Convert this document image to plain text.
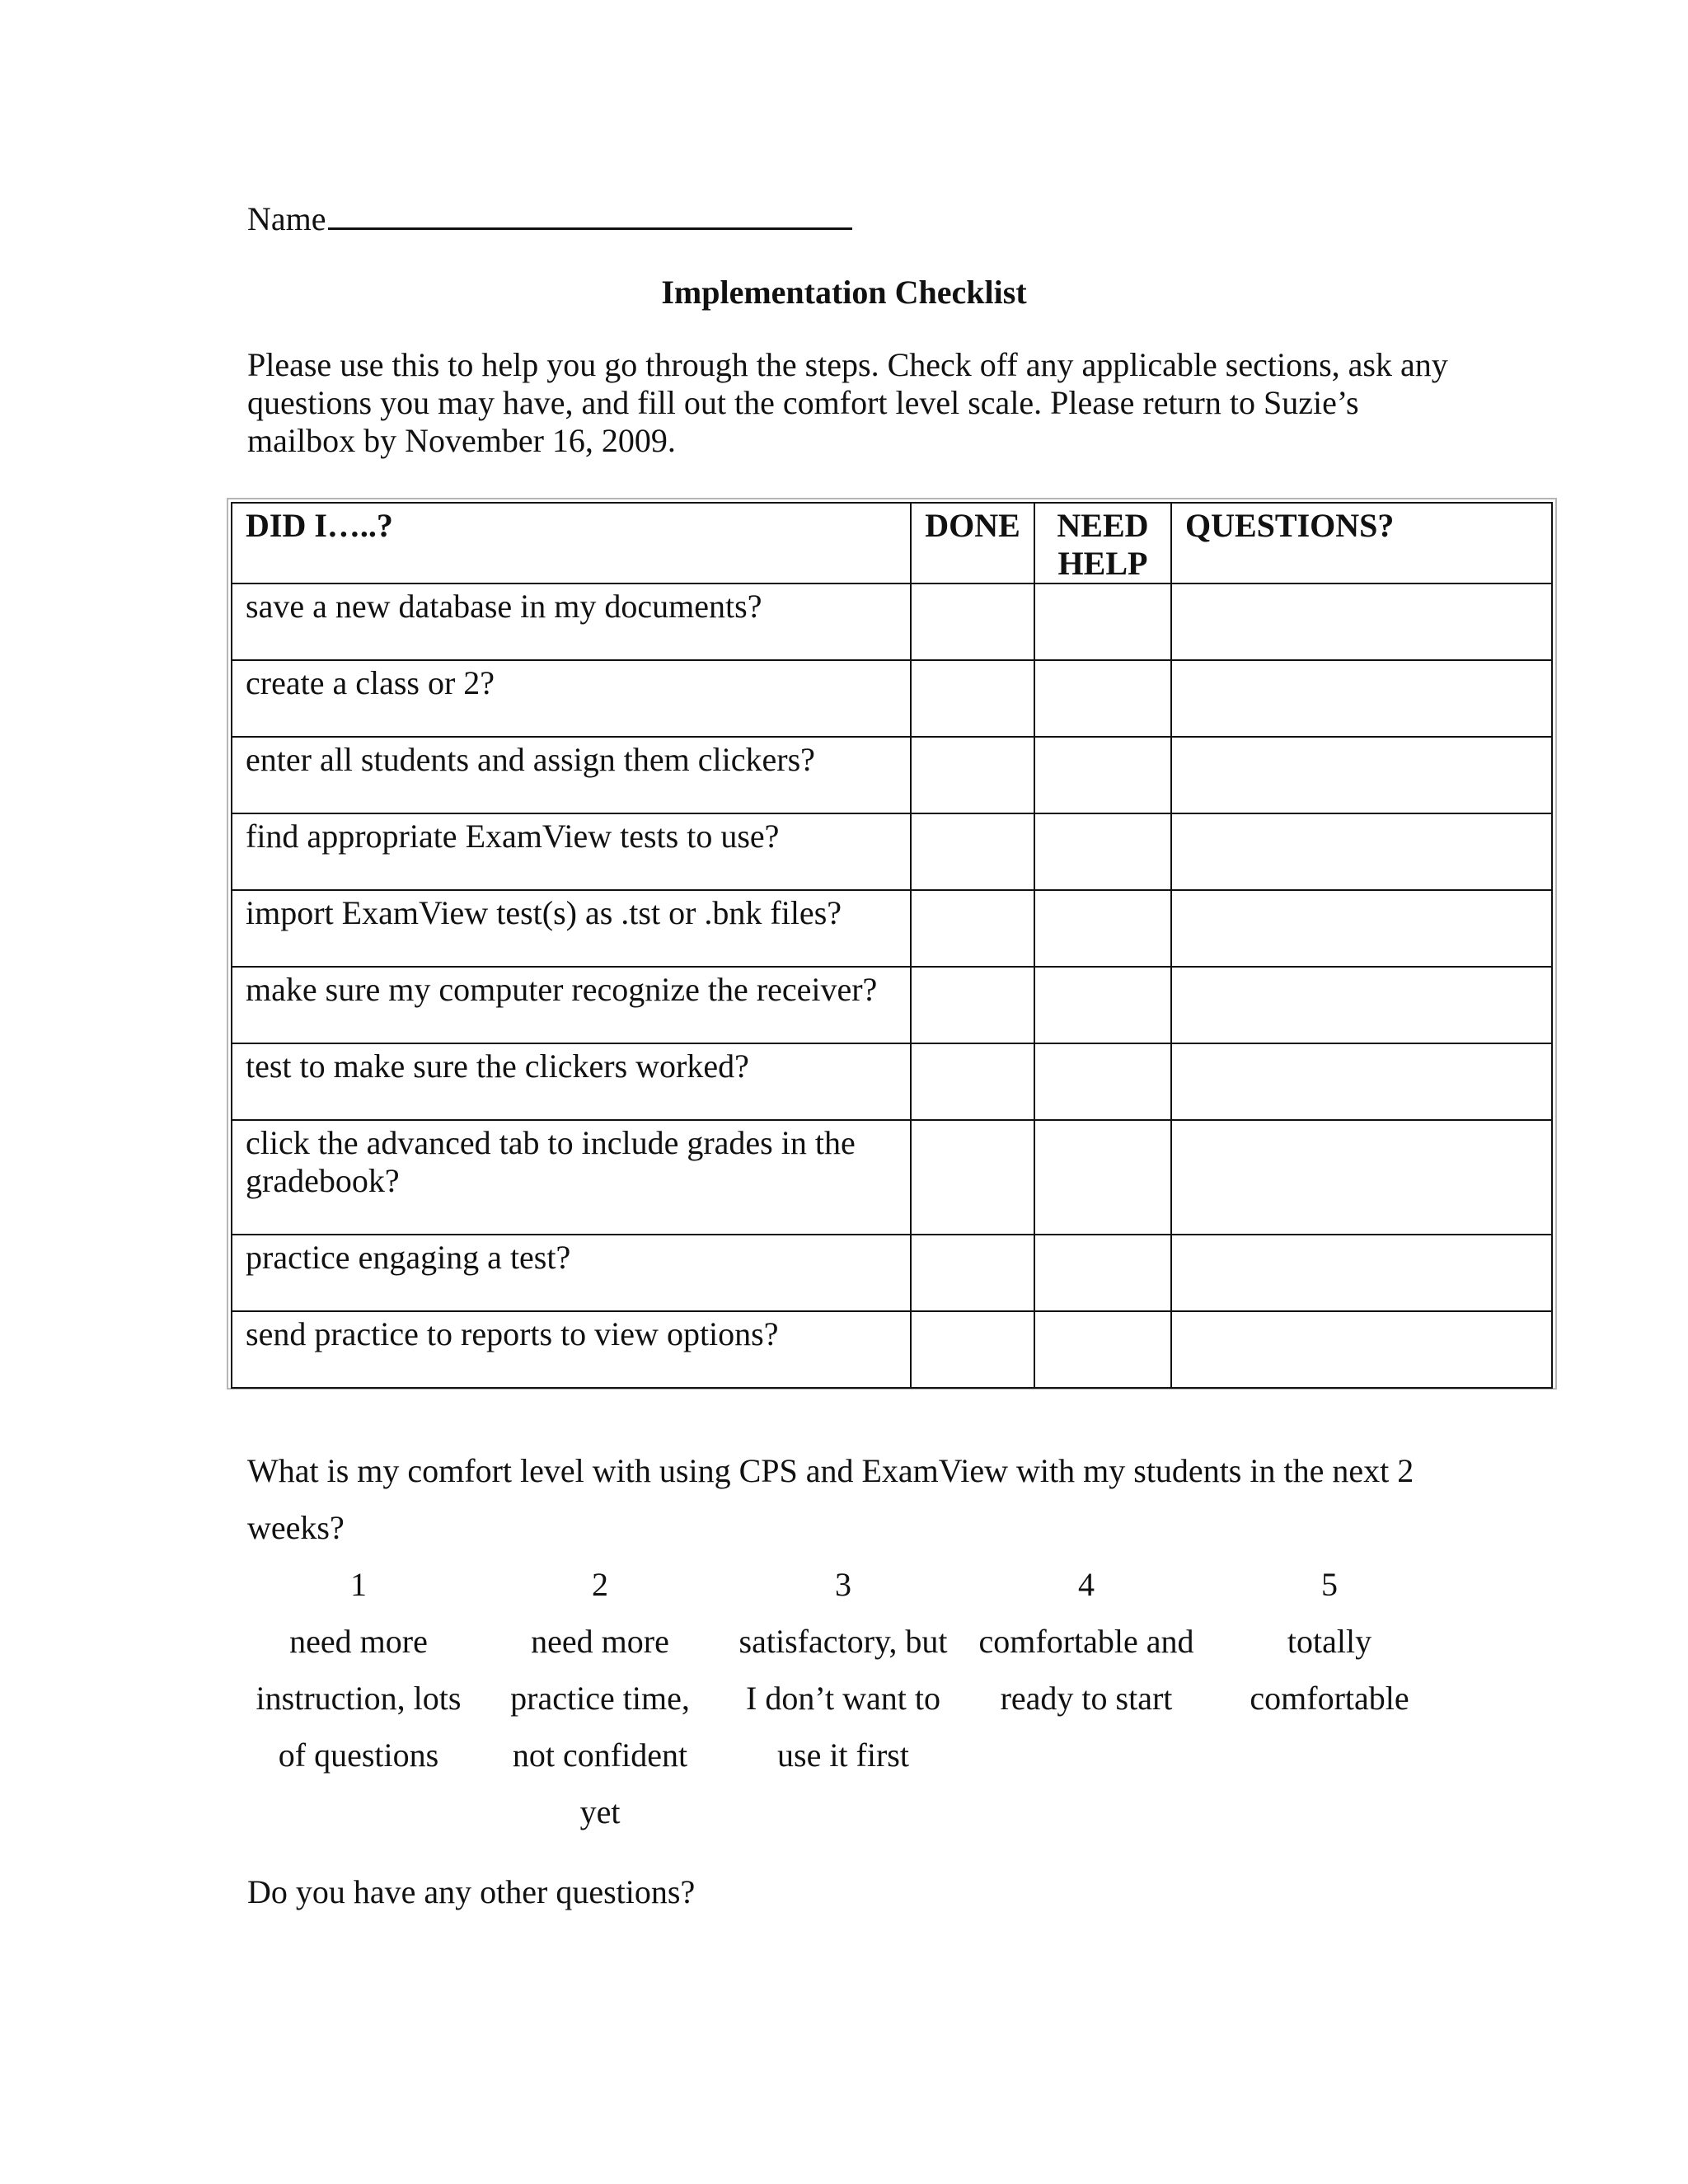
Name
Implementation Checklist

Please use this to help you go through the steps. Check off any applicable sections, ask any questions you may have, and fill out the comfort level scale. Please return to Suzie’s mailbox by November 16, 2009.

DID I…..?	DONE	NEED HELP	QUESTIONS?
save a new database in my documents?			
create a class or 2?			
enter all students and assign them clickers?			
find appropriate ExamView tests to use?			
import ExamView test(s) as .tst or .bnk files?			
make sure my computer recognize the receiver?			
test to make sure the clickers worked?			
click the advanced tab to include grades in the gradebook?			
practice engaging a test?			
send practice to reports to view options?			

What is my comfort level with using CPS and ExamView with my students in the next 2 weeks?

1
need more instruction, lots of questions
2
need more practice time, not confident yet
3
satisfactory, but I don’t want to use it first
4
comfortable and ready to start
5
totally comfortable
Do you have any other questions?
